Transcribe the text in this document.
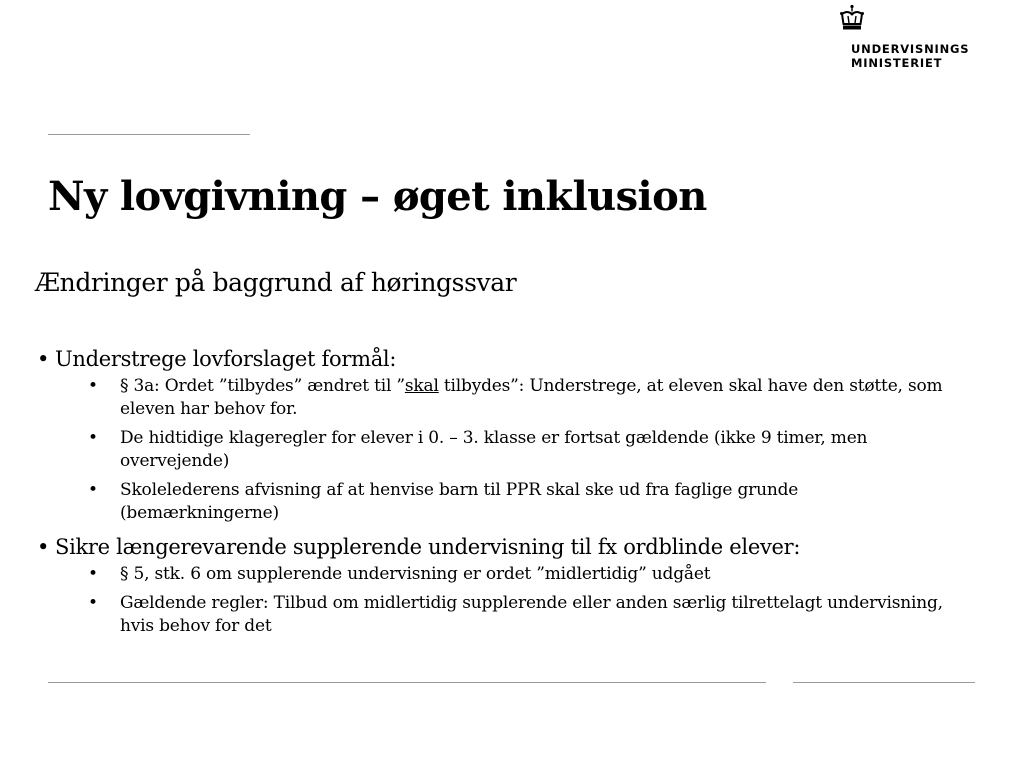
UNDERVISNINGS
MINISTERIET
Ny lovgivning – øget inklusion
Ændringer på baggrund af høringssvar
• Understrege lovforslaget formål:
• § 3a: Ordet ”tilbydes” ændret til ”skal tilbydes”: Understrege, at eleven skal have den støtte, som eleven har behov for.
• De hidtidige klageregler for elever i 0. – 3. klasse er fortsat gældende (ikke 9 timer, men overvejende)
• Skolelederens afvisning af at henvise barn til PPR skal ske ud fra faglige grunde (bemærkningerne)
• Sikre længerevarende supplerende undervisning til fx ordblinde elever:
• § 5, stk. 6 om supplerende undervisning er ordet ”midlertidig” udgået
• Gældende regler: Tilbud om midlertidig supplerende eller anden særlig tilrettelagt undervisning, hvis behov for det
